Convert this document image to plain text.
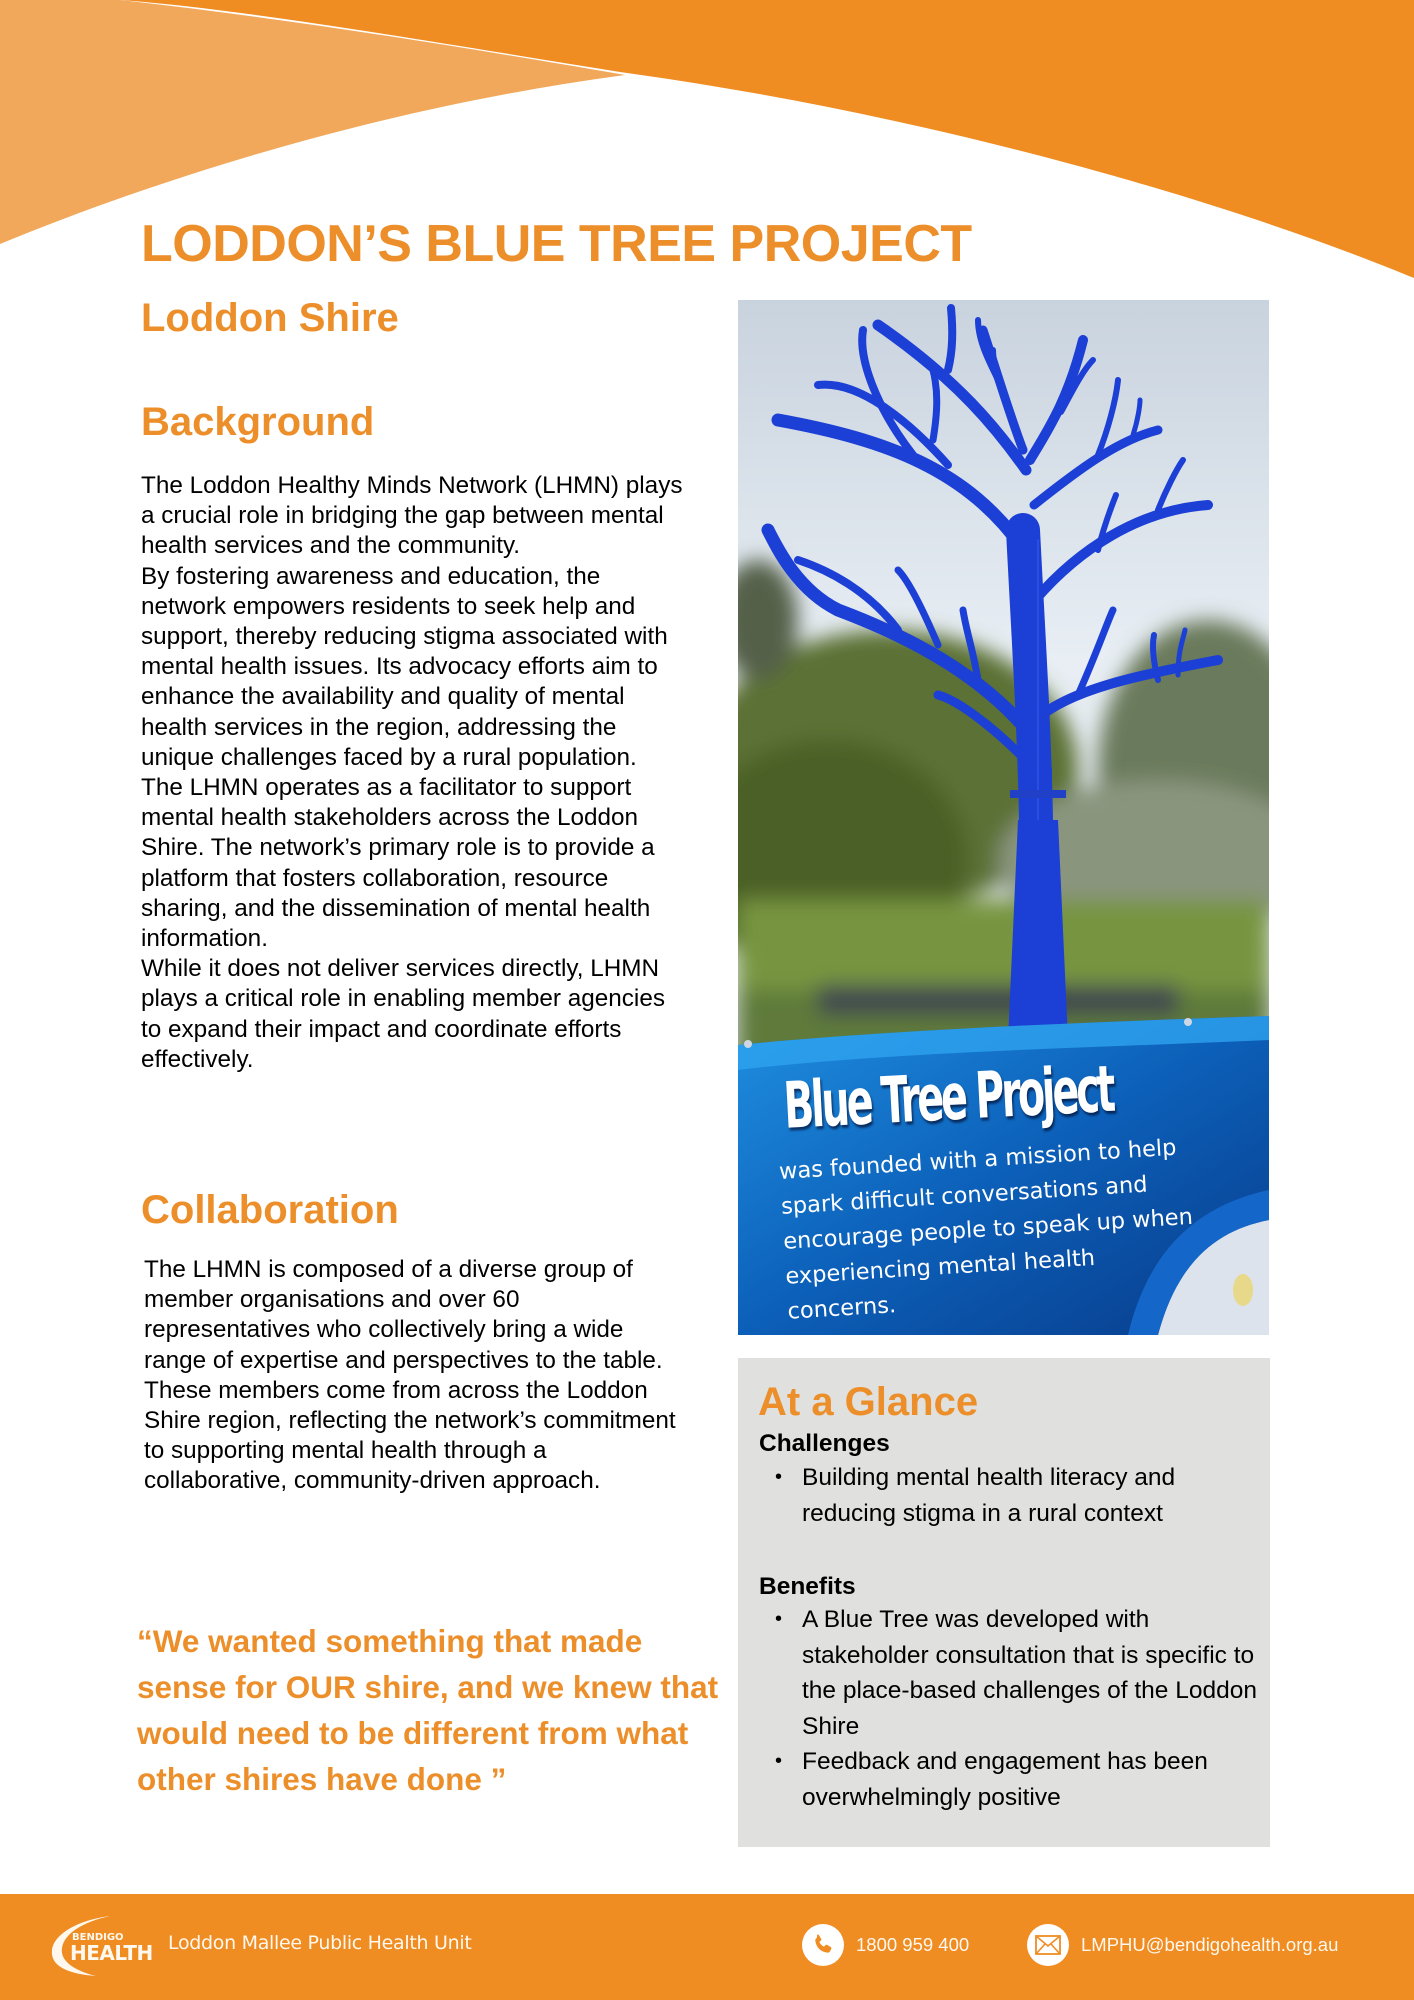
LODDON’S BLUE TREE PROJECT
Loddon Shire
Background

The Loddon Healthy Minds Network (LHMN) plays a crucial role in bridging the gap between mental health services and the community.

By fostering awareness and education, the network empowers residents to seek help and support, thereby reducing stigma associated with mental health issues. Its advocacy efforts aim to enhance the availability and quality of mental health services in the region, addressing the unique challenges faced by a rural population.

The LHMN operates as a facilitator to support mental health stakeholders across the Loddon Shire. The network’s primary role is to provide a platform that fosters collaboration, resource sharing, and the dissemination of mental health information.

While it does not deliver services directly, LHMN plays a critical role in enabling member agencies to expand their impact and coordinate efforts effectively.

Collaboration

The LHMN is composed of a diverse group of member organisations and over 60 representatives who collectively bring a wide range of expertise and perspectives to the table.

These members come from across the Loddon Shire region, reflecting the network’s commitment to supporting mental health through a collaborative, community-driven approach.

“We wanted something that made sense for OUR shire, and we knew that would need to be different from what other shires have done ”

Blue Tree Project

was founded with a mission to help spark difficult conversations and encourage people to speak up when experiencing mental health concerns.

At a Glance
Challenges
• Building mental health literacy and reducing stigma in a rural context
Benefits
• A Blue Tree was developed with stakeholder consultation that is specific to the place-based challenges of the Loddon Shire
• Feedback and engagement has been overwhelmingly positive
BENDIGO
HEALTH Loddon Mallee Public Health Unit	1800 959 400	LMPHU@bendigohealth.org.au
